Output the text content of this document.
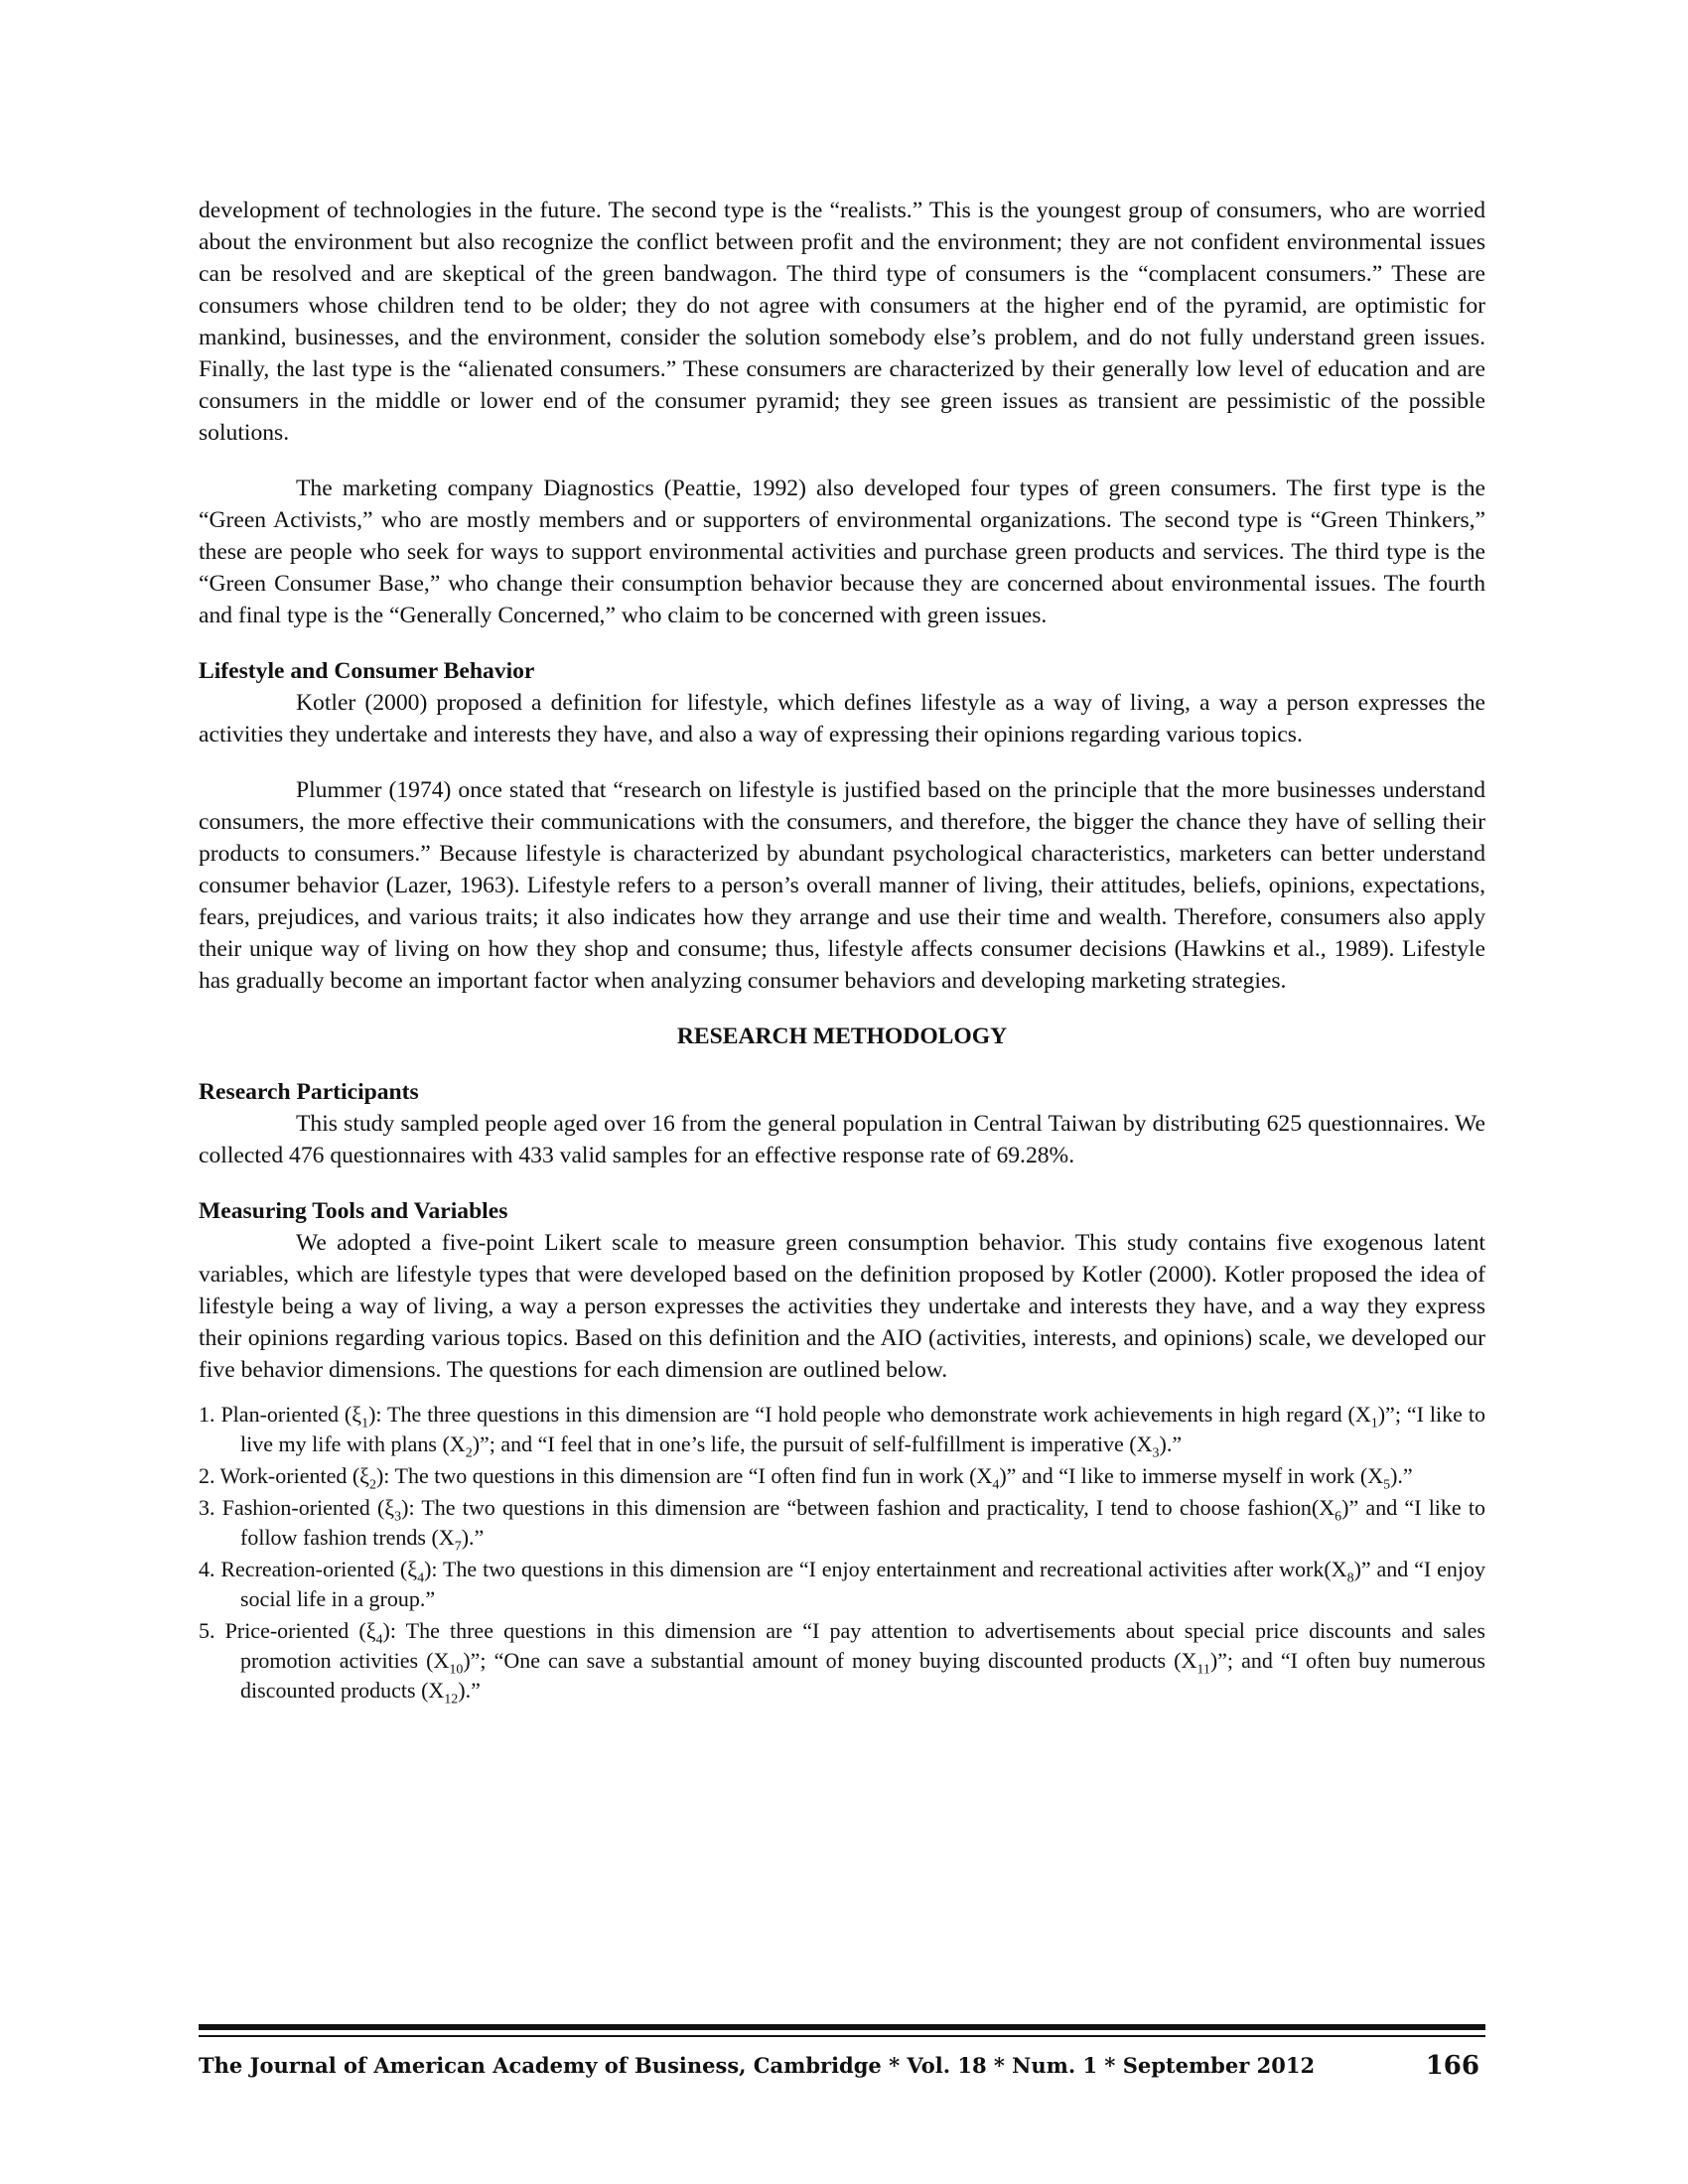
development of technologies in the future. The second type is the “realists.” This is the youngest group of consumers, who are worried about the environment but also recognize the conflict between profit and the environment; they are not confident environmental issues can be resolved and are skeptical of the green bandwagon. The third type of consumers is the “complacent consumers.” These are consumers whose children tend to be older; they do not agree with consumers at the higher end of the pyramid, are optimistic for mankind, businesses, and the environment, consider the solution somebody else’s problem, and do not fully understand green issues. Finally, the last type is the “alienated consumers.” These consumers are characterized by their generally low level of education and are consumers in the middle or lower end of the consumer pyramid; they see green issues as transient are pessimistic of the possible solutions.

The marketing company Diagnostics (Peattie, 1992) also developed four types of green consumers. The first type is the “Green Activists,” who are mostly members and or supporters of environmental organizations. The second type is “Green Thinkers,” these are people who seek for ways to support environmental activities and purchase green products and services. The third type is the “Green Consumer Base,” who change their consumption behavior because they are concerned about environmental issues. The fourth and final type is the “Generally Concerned,” who claim to be concerned with green issues.

Lifestyle and Consumer Behavior

Kotler (2000) proposed a definition for lifestyle, which defines lifestyle as a way of living, a way a person expresses the activities they undertake and interests they have, and also a way of expressing their opinions regarding various topics.

Plummer (1974) once stated that “research on lifestyle is justified based on the principle that the more businesses understand consumers, the more effective their communications with the consumers, and therefore, the bigger the chance they have of selling their products to consumers.” Because lifestyle is characterized by abundant psychological characteristics, marketers can better understand consumer behavior (Lazer, 1963). Lifestyle refers to a person’s overall manner of living, their attitudes, beliefs, opinions, expectations, fears, prejudices, and various traits; it also indicates how they arrange and use their time and wealth. Therefore, consumers also apply their unique way of living on how they shop and consume; thus, lifestyle affects consumer decisions (Hawkins et al., 1989). Lifestyle has gradually become an important factor when analyzing consumer behaviors and developing marketing strategies.

RESEARCH METHODOLOGY
Research Participants

This study sampled people aged over 16 from the general population in Central Taiwan by distributing 625 questionnaires. We collected 476 questionnaires with 433 valid samples for an effective response rate of 69.28%.

Measuring Tools and Variables

We adopted a five-point Likert scale to measure green consumption behavior. This study contains five exogenous latent variables, which are lifestyle types that were developed based on the definition proposed by Kotler (2000). Kotler proposed the idea of lifestyle being a way of living, a way a person expresses the activities they undertake and interests they have, and a way they express their opinions regarding various topics. Based on this definition and the AIO (activities, interests, and opinions) scale, we developed our five behavior dimensions. The questions for each dimension are outlined below.

1. Plan-oriented $(\xi_1)$: The three questions in this dimension are “I hold people who demonstrate work achievements in high regard $(X_1)$”; “I like to live my life with plans $(X_2)$”; and “I feel that in one’s life, the pursuit of self-fulfillment is imperative $(X_3)$.”
2. Work-oriented $(\xi_2)$: The two questions in this dimension are “I often find fun in work $(X_4)$” and “I like to immerse myself in work $(X_5)$.”
3. Fashion-oriented $(\xi_3)$: The two questions in this dimension are “between fashion and practicality, I tend to choose $fashion(X_6)$” and “I like to follow fashion trends $(X_7)$.”
4. Recreation-oriented $(\xi_4)$: The two questions in this dimension are “I enjoy entertainment and recreational activities after $work(X_8)$” and “I enjoy social life in a group.”
5. Price-oriented $(\xi_4)$: The three questions in this dimension are “I pay attention to advertisements about special price discounts and sales promotion activities $(X_{10})$”; “One can save a substantial amount of money buying discounted products $(X_{11})$”; and “I often buy numerous discounted products $(X_{12})$.”
The Journal of American Academy of Business, Cambridge * Vol. 18 * Num. 1 * September 2012	166
